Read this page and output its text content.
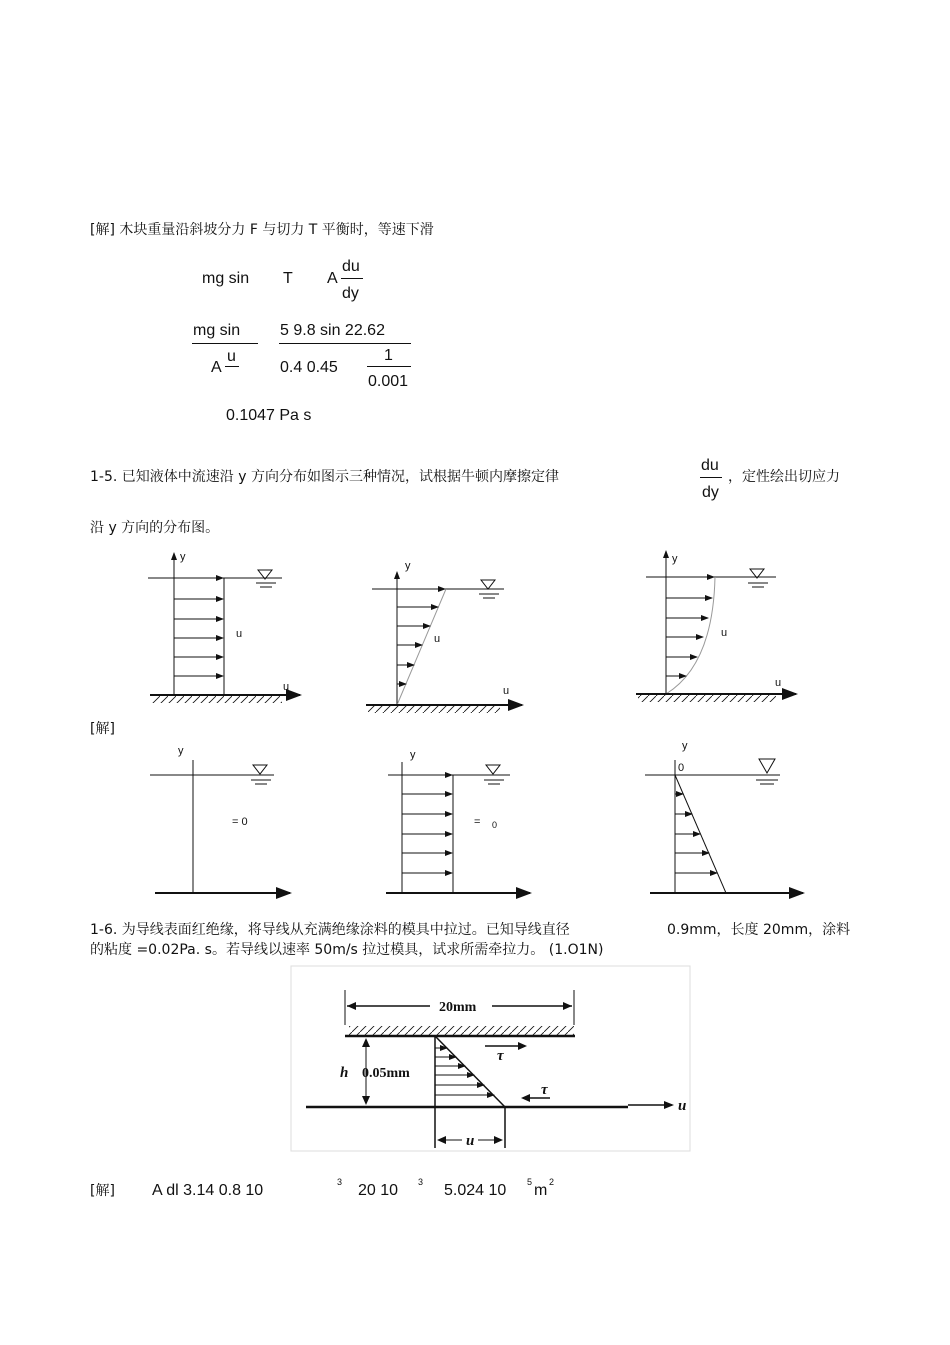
[解] 木块重量沿斜坡分力 F 与切力 T 平衡时，等速下滑
mg sin T A
du
dy
mg sin
A
u
5 9.8 sin 22.62
0.4 0.45
1
0.001
0.1047 Pa s
1-5. 已知液体中流速沿 y 方向分布如图示三种情况，试根据牛顿内摩擦定律
du
dy
，定性绘出切应力
沿 y 方向的分布图。
y
u
u
y
u
u
y
u
u
y
= 0
y
= 0
y
0
20mm
u
h 0.05mm
τ
τ
u
[解]
1-6. 为导线表面红绝缘，将导线从充满绝缘涂料的模具中拉过。已知导线直径	0.9mm，长度 20mm，涂料
的粘度 =0.02Pa. s。若导线以速率 50m/s 拉过模具，试求所需牵拉力。 (1.O1N)
[解] A dl 3.14 0.8 10	3 20 10 3 5.024 10 5 m 2
